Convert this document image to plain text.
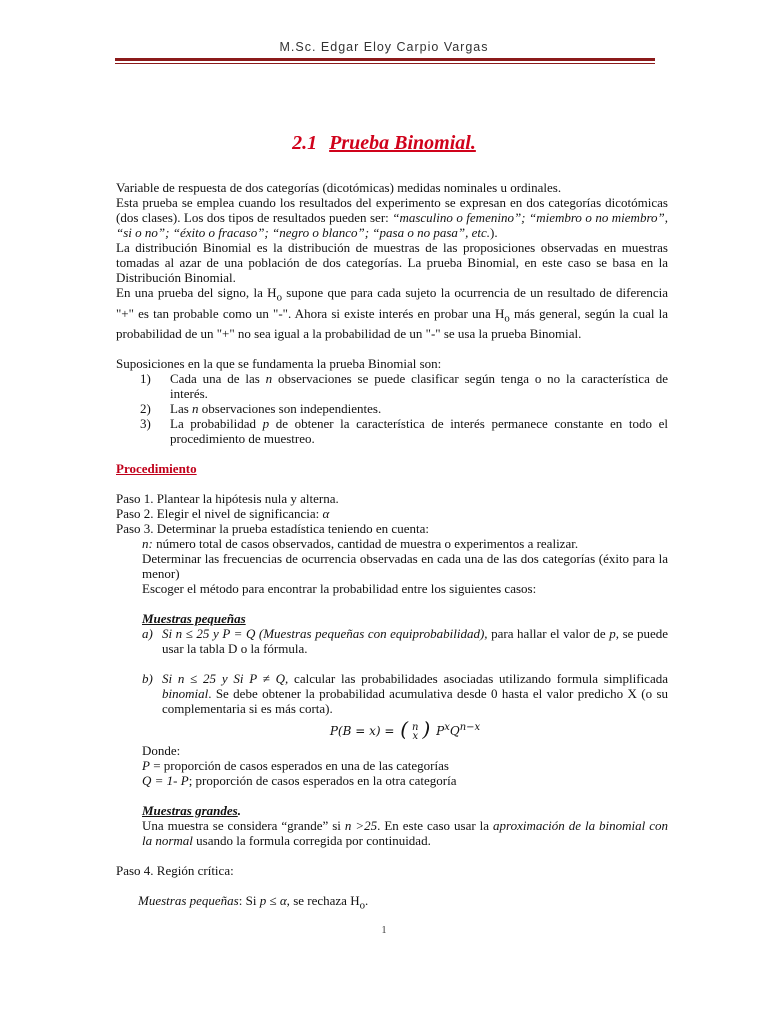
M.Sc. Edgar Eloy Carpio Vargas
2.1 Prueba Binomial.

Variable de respuesta de dos categorías (dicotómicas) medidas nominales u ordinales.

Esta prueba se emplea cuando los resultados del experimento se expresan en dos categorías dicotómicas (dos clases). Los dos tipos de resultados pueden ser: “masculino o femenino”; “miembro o no miembro”, “si o no”; “éxito o fracaso”; “negro o blanco”; “pasa o no pasa”, etc.).

La distribución Binomial es la distribución de muestras de las proposiciones observadas en muestras tomadas al azar de una población de dos categorías. La prueba Binomial, en este caso se basa en la Distribución Binomial.

En una prueba del signo, la $H_o$ supone que para cada sujeto la ocurrencia de un resultado de diferencia "+" es tan probable como un "-". Ahora si existe interés en probar una $H_o$ más general, según la cual la probabilidad de un "+" no sea igual a la probabilidad de un "-" se usa la prueba Binomial.

Suposiciones en la que se fundamenta la prueba Binomial son:

1)	Cada una de las n observaciones se puede clasificar según tenga o no la característica de interés.
2)	Las n observaciones son independientes.
3)	La probabilidad p de obtener la característica de interés permanece constante en todo el procedimiento de muestreo.

Procedimiento

Paso 1. Plantear la hipótesis nula y alterna.

Paso 2. Elegir el nivel de significancia: α

Paso 3. Determinar la prueba estadística teniendo en cuenta:

n: número total de casos observados, cantidad de muestra o experimentos a realizar.

Determinar las frecuencias de ocurrencia observadas en cada una de las dos categorías (éxito para la menor)

Escoger el método para encontrar la probabilidad entre los siguientes casos:

Muestras pequeñas

a) Si n ≤ 25 y P = Q (Muestras pequeñas con equiprobabilidad), para hallar el valor de p, se puede usar la tabla D o la fórmula.
b) Si n ≤ 25 y Si P ≠ Q, calcular las probabilidades asociadas utilizando formula simplificada binomial. Se debe obtener la probabilidad acumulativa desde 0 hasta el valor predicho X (o su complementaria si es más corta).
P(B = x) = ( n
x ) $P^xQ^{n-x}$

Donde:

P = proporción de casos esperados en una de las categorías

Q = 1- P; proporción de casos esperados en la otra categoría

Muestras grandes.

Una muestra se considera “grande” si n >25. En este caso usar la aproximación de la binomial con la normal usando la formula corregida por continuidad.

Paso 4. Región crítica:

Muestras pequeñas: Si p ≤ α, se rechaza $H_o$.

1
